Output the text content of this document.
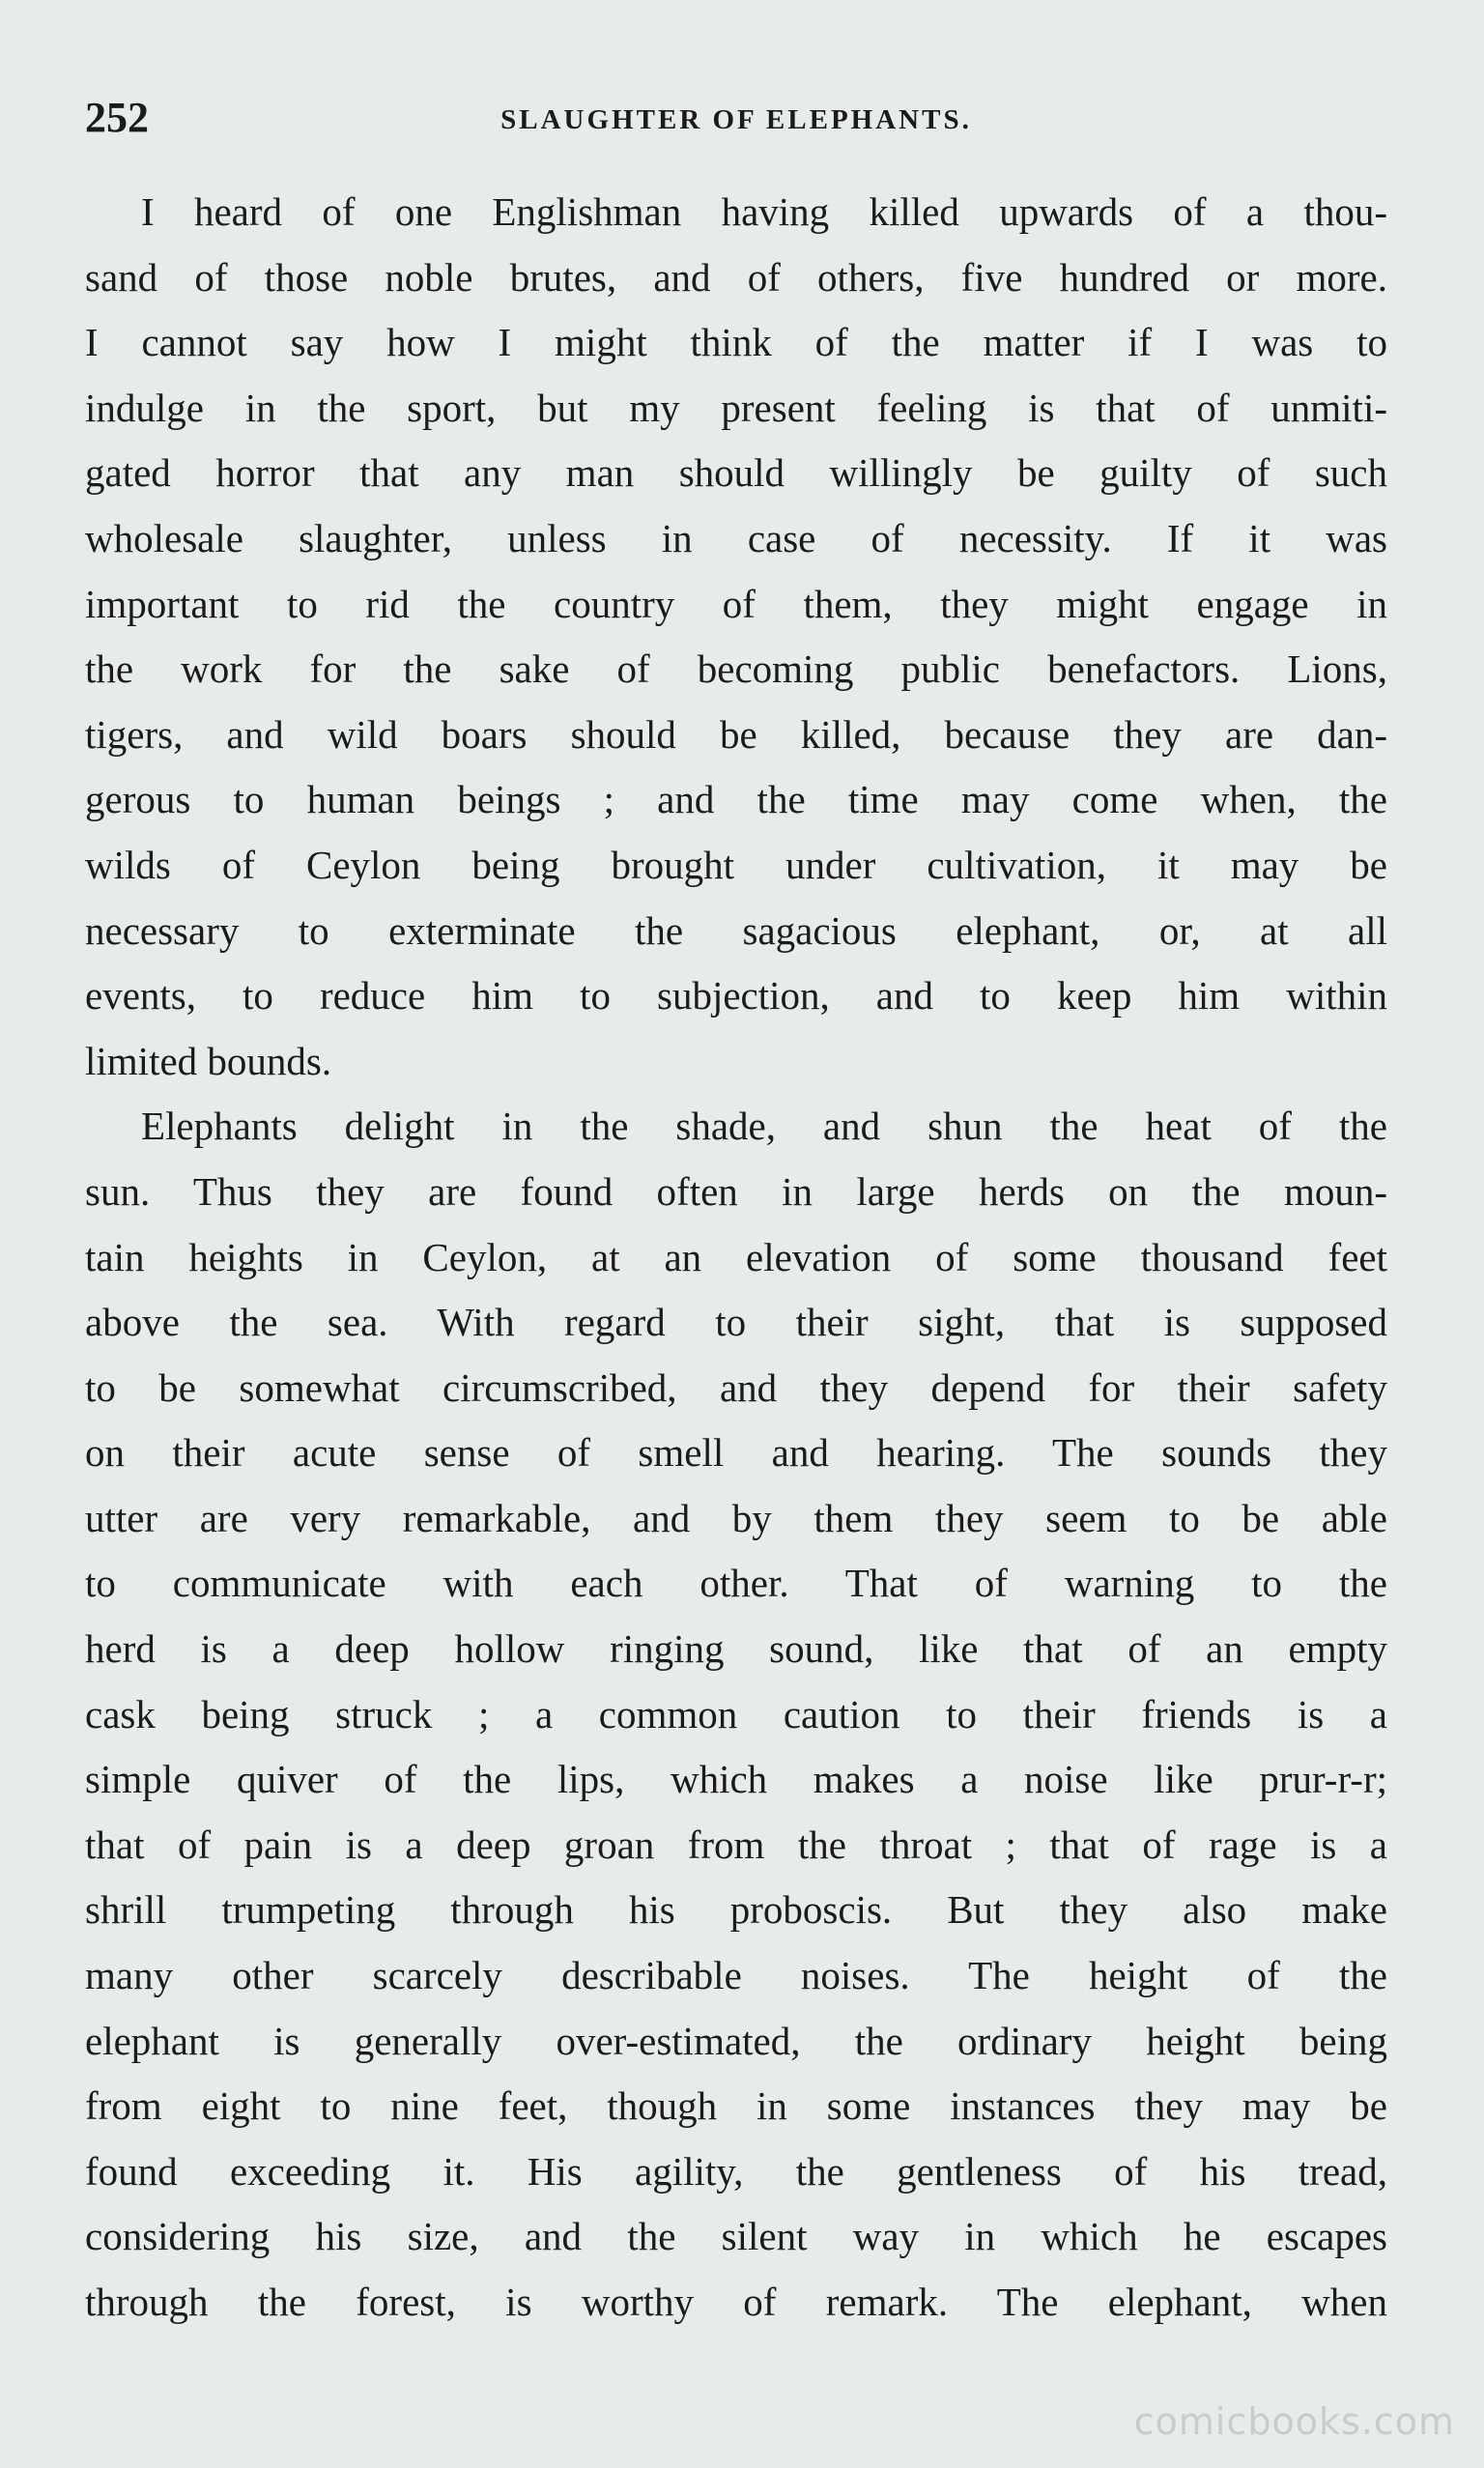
252	SLAUGHTER OF ELEPHANTS.

I heard of one Englishman having killed upwards of a thou-
sand of those noble brutes, and of others, five hundred or more.
I cannot say how I might think of the matter if I was to
indulge in the sport, but my present feeling is that of unmiti-
gated horror that any man should willingly be guilty of such
wholesale slaughter, unless in case of necessity. If it was
important to rid the country of them, they might engage in
the work for the sake of becoming public benefactors. Lions,
tigers, and wild boars should be killed, because they are dan-
gerous to human beings ; and the time may come when, the
wilds of Ceylon being brought under cultivation, it may be
necessary to exterminate the sagacious elephant, or, at all
events, to reduce him to subjection, and to keep him within
limited bounds.

Elephants delight in the shade, and shun the heat of the
sun. Thus they are found often in large herds on the moun-
tain heights in Ceylon, at an elevation of some thousand feet
above the sea. With regard to their sight, that is supposed
to be somewhat circumscribed, and they depend for their safety
on their acute sense of smell and hearing. The sounds they
utter are very remarkable, and by them they seem to be able
to communicate with each other. That of warning to the
herd is a deep hollow ringing sound, like that of an empty
cask being struck ; a common caution to their friends is a
simple quiver of the lips, which makes a noise like prur-r-r;
that of pain is a deep groan from the throat ; that of rage is a
shrill trumpeting through his proboscis. But they also make
many other scarcely describable noises. The height of the
elephant is generally over-estimated, the ordinary height being
from eight to nine feet, though in some instances they may be
found exceeding it. His agility, the gentleness of his tread,
considering his size, and the silent way in which he escapes
through the forest, is worthy of remark. The elephant, when

comicbooks.com
